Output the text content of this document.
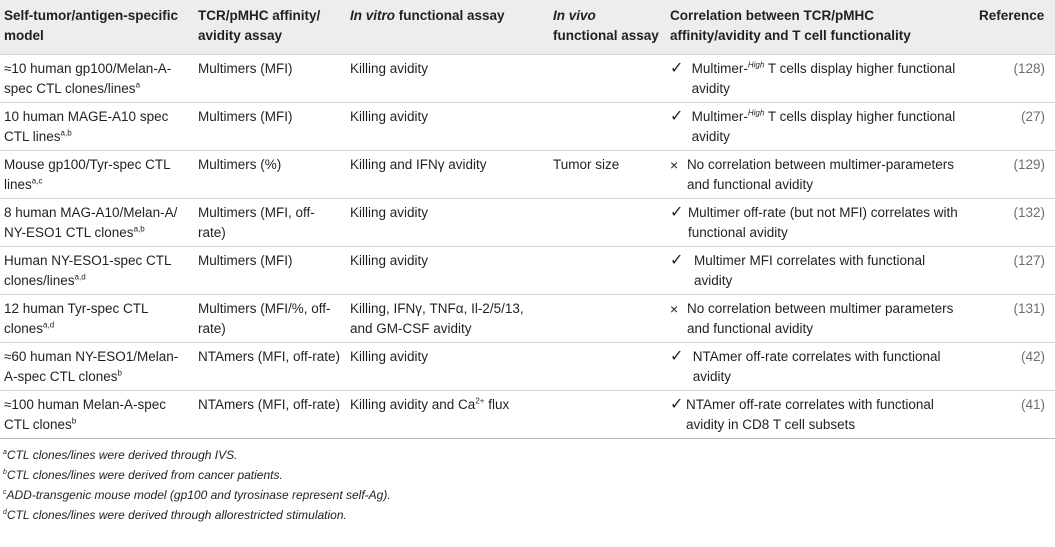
Self-tumor/antigen-specific model	TCR/pMHC affinity/ avidity assay	In vitro functional assay	In vivo functional assay	Correlation between TCR/pMHC affinity/avidity and T cell functionality	Reference
≈10 human gp100/Melan-A-spec CTL clones/lines$^a$	Multimers (MFI)	Killing avidity		✓ Multimer-$^{High}$ T cells display higher functional avidity	(128)
10 human MAGE-A10 spec CTL lines$^{a,b}$	Multimers (MFI)	Killing avidity		✓ Multimer-$^{High}$ T cells display higher functional avidity	(27)
Mouse gp100/Tyr-spec CTL lines$^{a,c}$	Multimers (%)	Killing and IFNγ avidity	Tumor size	× No correlation between multimer-parameters and functional avidity	(129)
8 human MAG-A10/Melan-A/ NY-ESO1 CTL clones$^{a,b}$	Multimers (MFI, off-rate)	Killing avidity		✓ Multimer off-rate (but not MFI) correlates with functional avidity	(132)
Human NY-ESO1-spec CTL clones/lines$^{a,d}$	Multimers (MFI)	Killing avidity		✓ Multimer MFI correlates with functional avidity	(127)
12 human Tyr-spec CTL clones$^{a,d}$	Multimers (MFI/%, off-rate)	Killing, IFNγ, TNFα, Il-2/5/13, and GM-CSF avidity		× No correlation between multimer parameters and functional avidity	(131)
≈60 human NY-ESO1/Melan-A-spec CTL clones$^b$	NTAmers (MFI, off-rate)	Killing avidity		✓ NTAmer off-rate correlates with functional avidity	(42)
≈100 human Melan-A-spec CTL clones$^b$	NTAmers (MFI, off-rate)	Killing avidity and $Ca^{2+}$ flux		✓ NTAmer off-rate correlates with functional avidity in CD8 T cell subsets	(41)
$^a$CTL clones/lines were derived through IVS.
$^b$CTL clones/lines were derived from cancer patients.
$^c$ADD-transgenic mouse model (gp100 and tyrosinase represent self-Ag).
$^d$CTL clones/lines were derived through allorestricted stimulation.
